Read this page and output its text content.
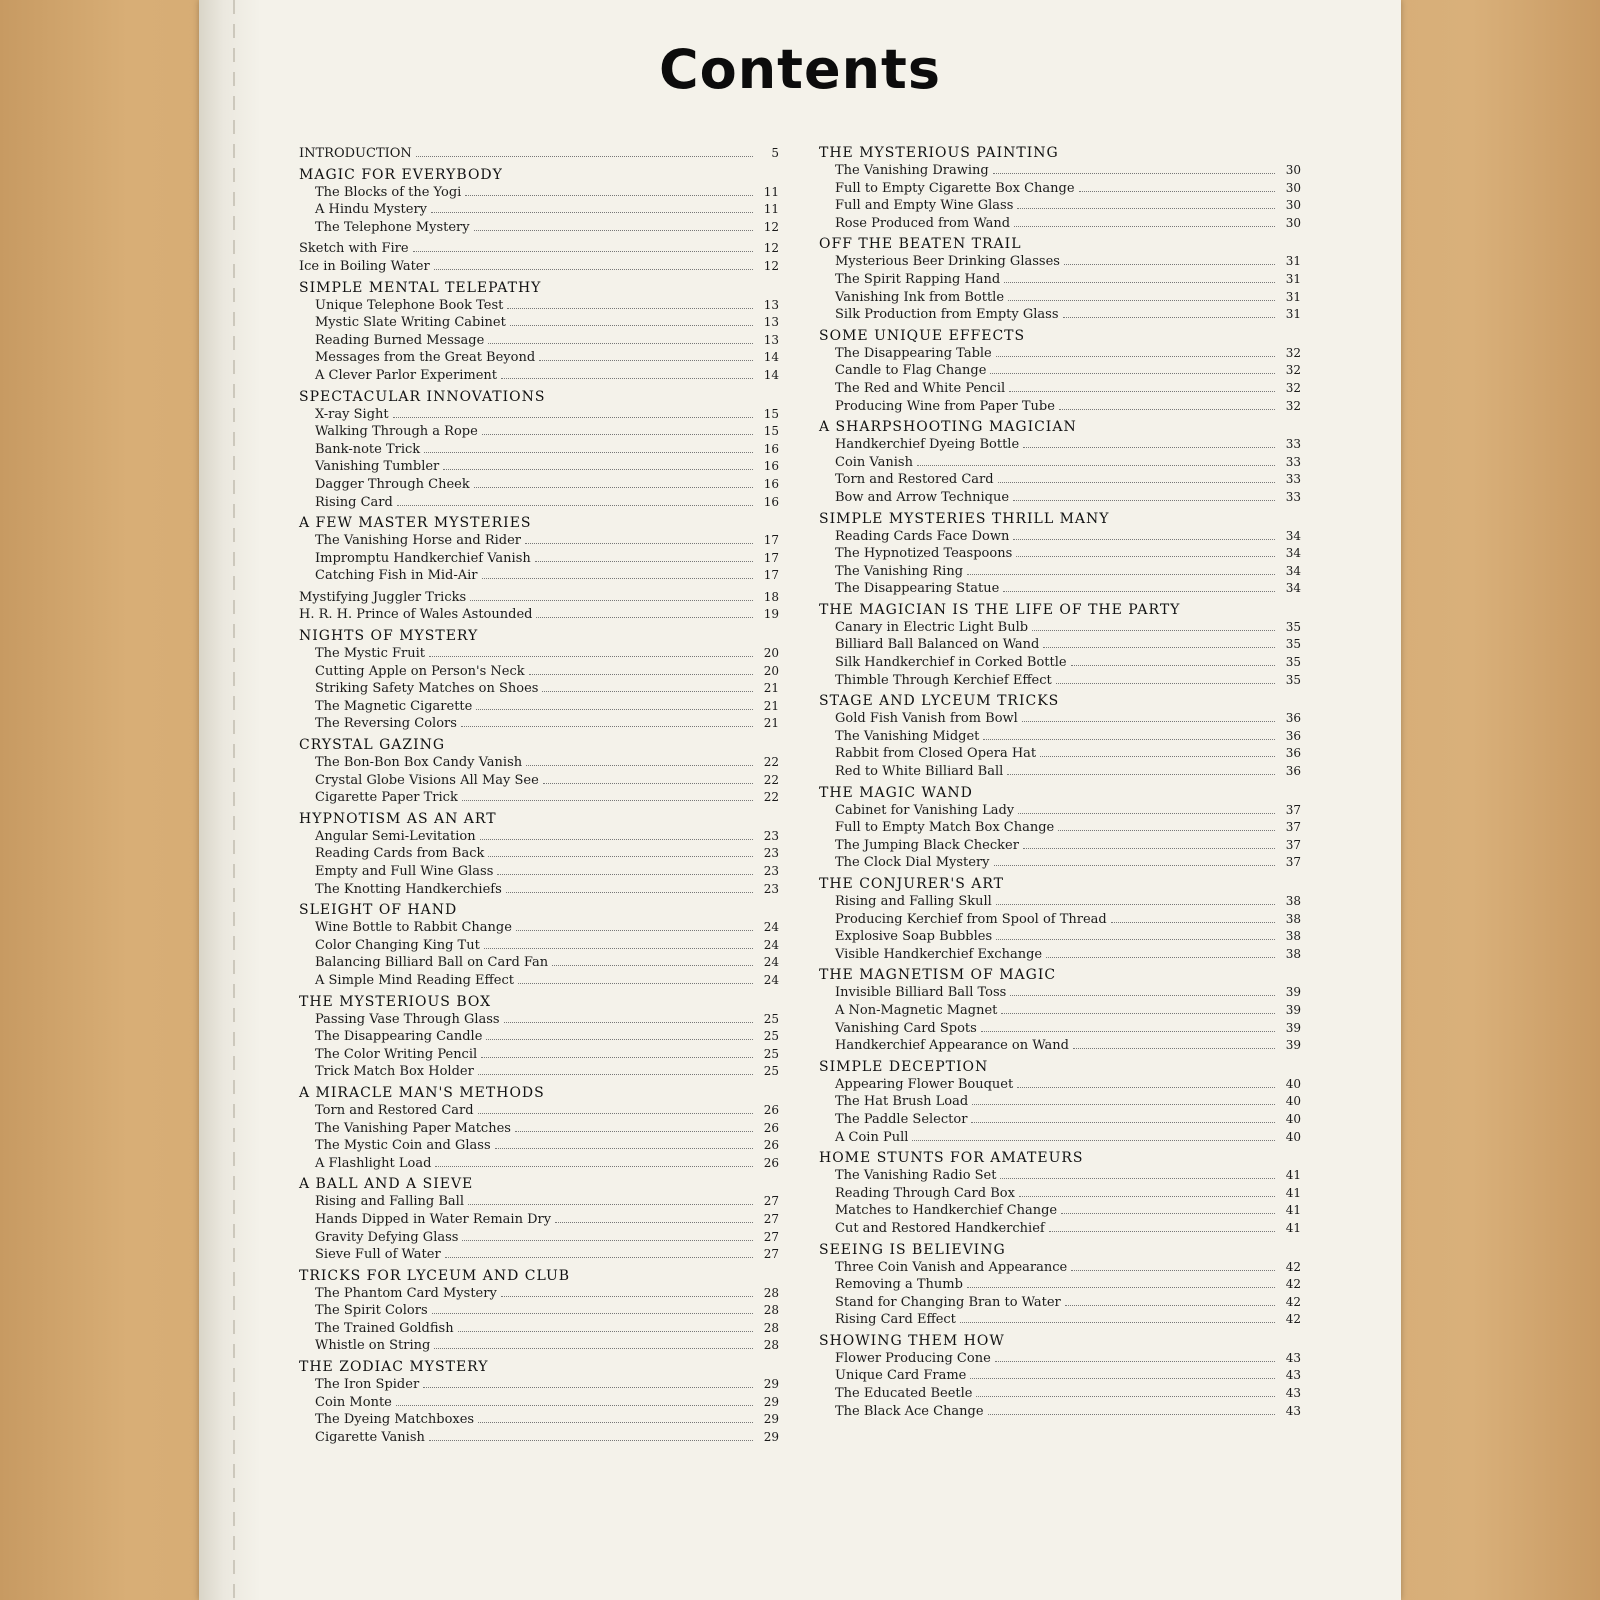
Contents
INTRODUCTION	5
MAGIC FOR EVERYBODY
The Blocks of the Yogi	11
A Hindu Mystery	11
The Telephone Mystery	12
Sketch with Fire	12
Ice in Boiling Water	12
SIMPLE MENTAL TELEPATHY
Unique Telephone Book Test	13
Mystic Slate Writing Cabinet	13
Reading Burned Message	13
Messages from the Great Beyond	14
A Clever Parlor Experiment	14
SPECTACULAR INNOVATIONS
X-ray Sight	15
Walking Through a Rope	15
Bank-note Trick	16
Vanishing Tumbler	16
Dagger Through Cheek	16
Rising Card	16
A FEW MASTER MYSTERIES
The Vanishing Horse and Rider	17
Impromptu Handkerchief Vanish	17
Catching Fish in Mid-Air	17
Mystifying Juggler Tricks	18
H. R. H. Prince of Wales Astounded	19
NIGHTS OF MYSTERY
The Mystic Fruit	20
Cutting Apple on Person's Neck	20
Striking Safety Matches on Shoes	21
The Magnetic Cigarette	21
The Reversing Colors	21
CRYSTAL GAZING
The Bon-Bon Box Candy Vanish	22
Crystal Globe Visions All May See	22
Cigarette Paper Trick	22
HYPNOTISM AS AN ART
Angular Semi-Levitation	23
Reading Cards from Back	23
Empty and Full Wine Glass	23
The Knotting Handkerchiefs	23
SLEIGHT OF HAND
Wine Bottle to Rabbit Change	24
Color Changing King Tut	24
Balancing Billiard Ball on Card Fan	24
A Simple Mind Reading Effect	24
THE MYSTERIOUS BOX
Passing Vase Through Glass	25
The Disappearing Candle	25
The Color Writing Pencil	25
Trick Match Box Holder	25
A MIRACLE MAN'S METHODS
Torn and Restored Card	26
The Vanishing Paper Matches	26
The Mystic Coin and Glass	26
A Flashlight Load	26
A BALL AND A SIEVE
Rising and Falling Ball	27
Hands Dipped in Water Remain Dry	27
Gravity Defying Glass	27
Sieve Full of Water	27
TRICKS FOR LYCEUM AND CLUB
The Phantom Card Mystery	28
The Spirit Colors	28
The Trained Goldfish	28
Whistle on String	28
THE ZODIAC MYSTERY
The Iron Spider	29
Coin Monte	29
The Dyeing Matchboxes	29
Cigarette Vanish	29
THE MYSTERIOUS PAINTING
The Vanishing Drawing	30
Full to Empty Cigarette Box Change	30
Full and Empty Wine Glass	30
Rose Produced from Wand	30
OFF THE BEATEN TRAIL
Mysterious Beer Drinking Glasses	31
The Spirit Rapping Hand	31
Vanishing Ink from Bottle	31
Silk Production from Empty Glass	31
SOME UNIQUE EFFECTS
The Disappearing Table	32
Candle to Flag Change	32
The Red and White Pencil	32
Producing Wine from Paper Tube	32
A SHARPSHOOTING MAGICIAN
Handkerchief Dyeing Bottle	33
Coin Vanish	33
Torn and Restored Card	33
Bow and Arrow Technique	33
SIMPLE MYSTERIES THRILL MANY
Reading Cards Face Down	34
The Hypnotized Teaspoons	34
The Vanishing Ring	34
The Disappearing Statue	34
THE MAGICIAN IS THE LIFE OF THE PARTY
Canary in Electric Light Bulb	35
Billiard Ball Balanced on Wand	35
Silk Handkerchief in Corked Bottle	35
Thimble Through Kerchief Effect	35
STAGE AND LYCEUM TRICKS
Gold Fish Vanish from Bowl	36
The Vanishing Midget	36
Rabbit from Closed Opera Hat	36
Red to White Billiard Ball	36
THE MAGIC WAND
Cabinet for Vanishing Lady	37
Full to Empty Match Box Change	37
The Jumping Black Checker	37
The Clock Dial Mystery	37
THE CONJURER'S ART
Rising and Falling Skull	38
Producing Kerchief from Spool of Thread	38
Explosive Soap Bubbles	38
Visible Handkerchief Exchange	38
THE MAGNETISM OF MAGIC
Invisible Billiard Ball Toss	39
A Non-Magnetic Magnet	39
Vanishing Card Spots	39
Handkerchief Appearance on Wand	39
SIMPLE DECEPTION
Appearing Flower Bouquet	40
The Hat Brush Load	40
The Paddle Selector	40
A Coin Pull	40
HOME STUNTS FOR AMATEURS
The Vanishing Radio Set	41
Reading Through Card Box	41
Matches to Handkerchief Change	41
Cut and Restored Handkerchief	41
SEEING IS BELIEVING
Three Coin Vanish and Appearance	42
Removing a Thumb	42
Stand for Changing Bran to Water	42
Rising Card Effect	42
SHOWING THEM HOW
Flower Producing Cone	43
Unique Card Frame	43
The Educated Beetle	43
The Black Ace Change	43
